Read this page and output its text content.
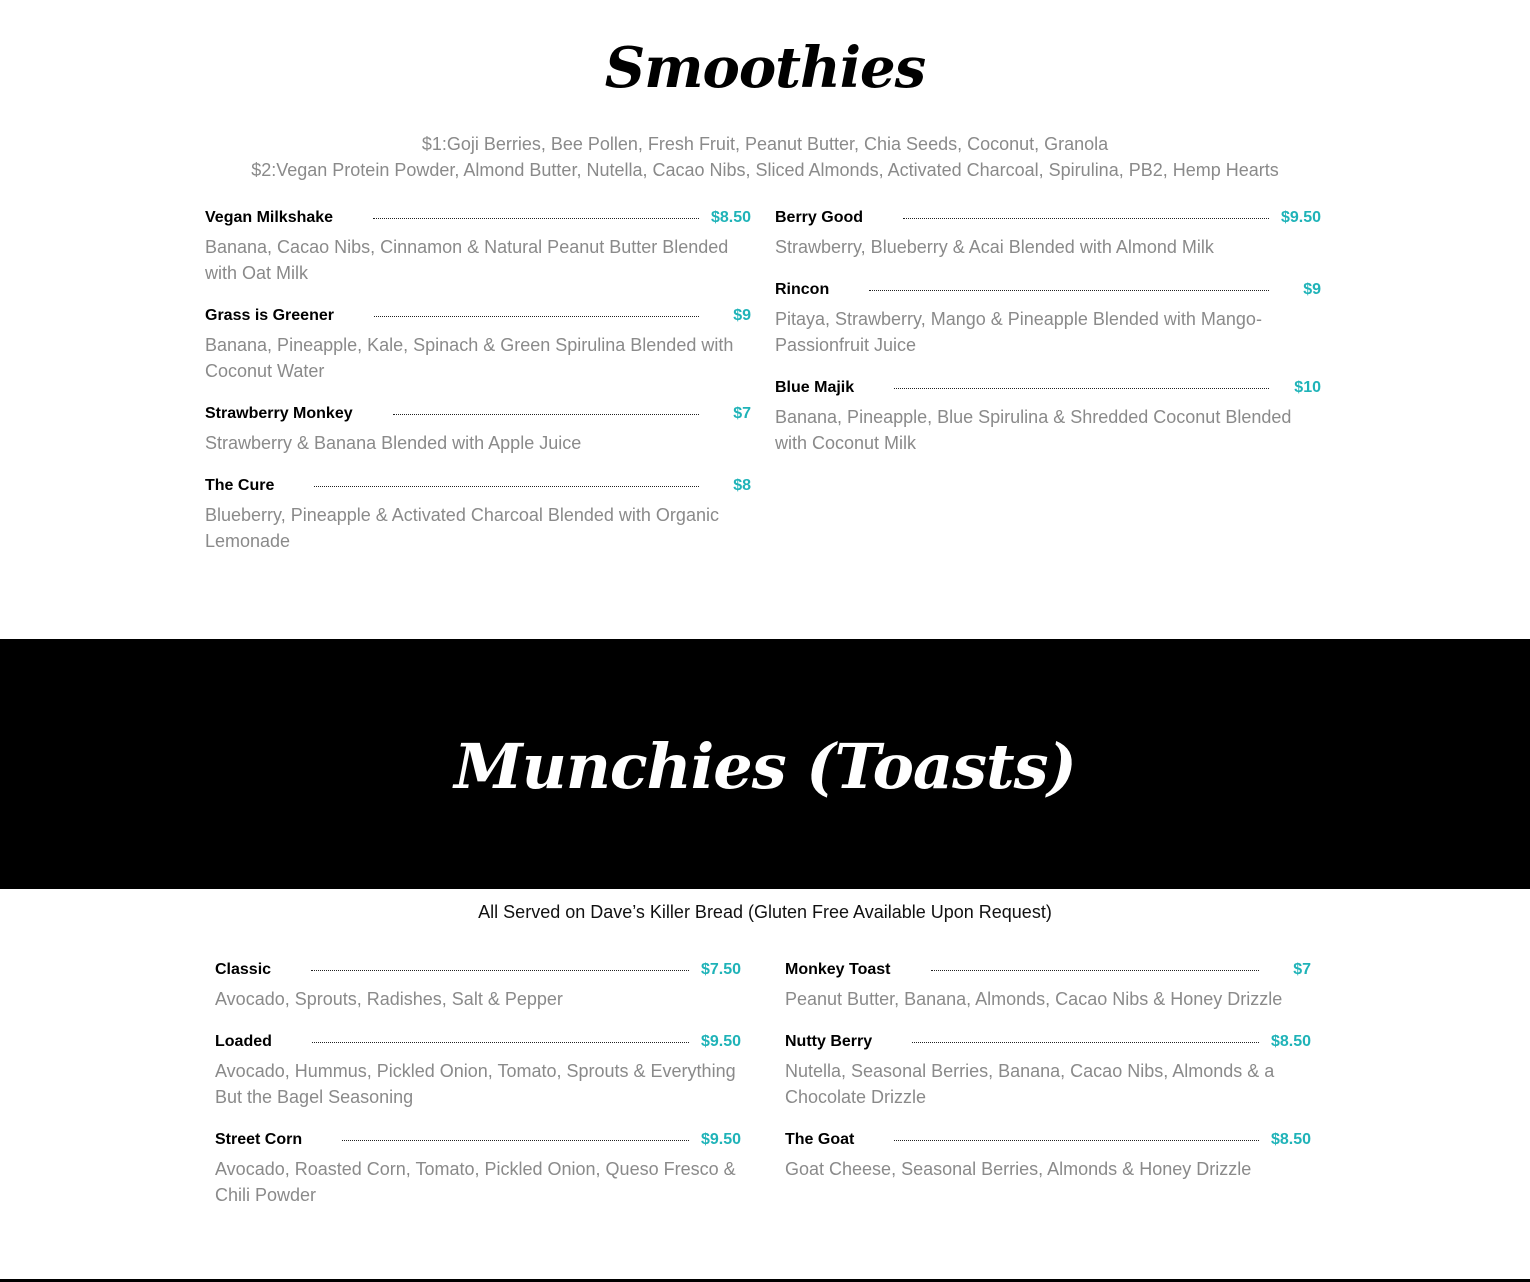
Smoothies
$1:Goji Berries, Bee Pollen, Fresh Fruit, Peanut Butter, Chia Seeds, Coconut, Granola
$2:Vegan Protein Powder, Almond Butter, Nutella, Cacao Nibs, Sliced Almonds, Activated Charcoal, Spirulina, PB2, Hemp Hearts
Vegan Milkshake	$8.50
Banana, Cacao Nibs, Cinnamon & Natural Peanut Butter Blended with Oat Milk
Grass is Greener	$9
Banana, Pineapple, Kale, Spinach & Green Spirulina Blended with Coconut Water
Strawberry Monkey	$7
Strawberry & Banana Blended with Apple Juice
The Cure	$8
Blueberry, Pineapple & Activated Charcoal Blended with Organic Lemonade
Berry Good	$9.50
Strawberry, Blueberry & Acai Blended with Almond Milk
Rincon	$9
Pitaya, Strawberry, Mango & Pineapple Blended with Mango-Passionfruit Juice
Blue Majik	$10
Banana, Pineapple, Blue Spirulina & Shredded Coconut Blended with Coconut Milk
Munchies (Toasts)
All Served on Dave’s Killer Bread (Gluten Free Available Upon Request)
Classic	$7.50
Avocado, Sprouts, Radishes, Salt & Pepper
Loaded	$9.50
Avocado, Hummus, Pickled Onion, Tomato, Sprouts & Everything But the Bagel Seasoning
Street Corn	$9.50
Avocado, Roasted Corn, Tomato, Pickled Onion, Queso Fresco & Chili Powder
Monkey Toast	$7
Peanut Butter, Banana, Almonds, Cacao Nibs & Honey Drizzle
Nutty Berry	$8.50
Nutella, Seasonal Berries, Banana, Cacao Nibs, Almonds & a Chocolate Drizzle
The Goat	$8.50
Goat Cheese, Seasonal Berries, Almonds & Honey Drizzle
